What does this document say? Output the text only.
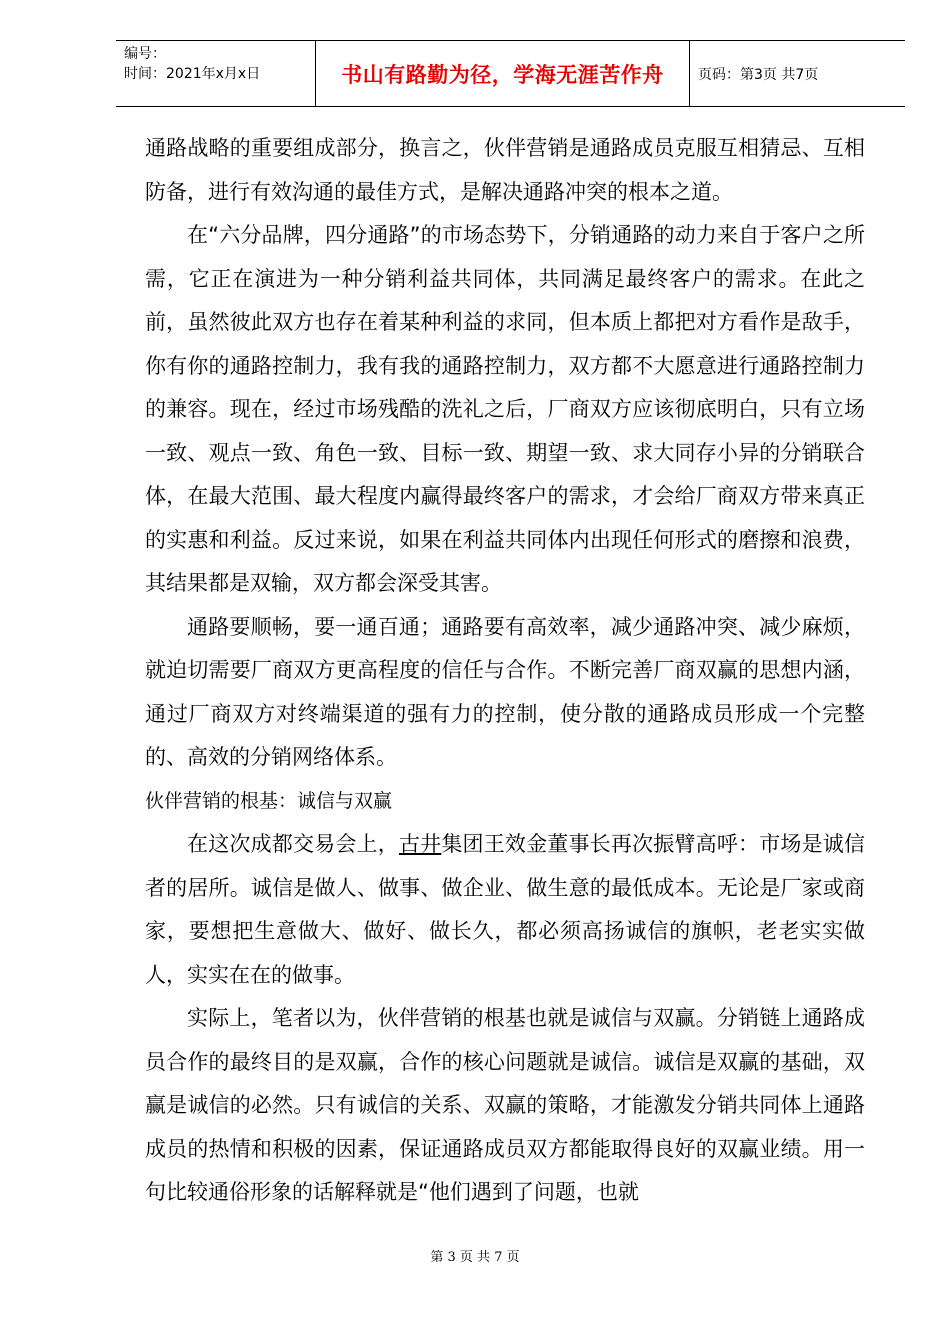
编号：
时间：2021年x月x日	书山有路勤为径，学海无涯苦作舟 页码：第3页 共7页

通路战略的重要组成部分，换言之，伙伴营销是通路成员克服互相猜忌、互相防备，进行有效沟通的最佳方式，是解决通路冲突的根本之道。

在“六分品牌，四分通路”的市场态势下，分销通路的动力来自于客户之所需，它正在演进为一种分销利益共同体，共同满足最终客户的需求。在此之前，虽然彼此双方也存在着某种利益的求同，但本质上都把对方看作是敌手，你有你的通路控制力，我有我的通路控制力，双方都不大愿意进行通路控制力的兼容。现在，经过市场残酷的洗礼之后，厂商双方应该彻底明白，只有立场一致、观点一致、角色一致、目标一致、期望一致、求大同存小异的分销联合体，在最大范围、最大程度内赢得最终客户的需求，才会给厂商双方带来真正的实惠和利益。反过来说，如果在利益共同体内出现任何形式的磨擦和浪费，其结果都是双输，双方都会深受其害。

通路要顺畅，要一通百通；通路要有高效率，减少通路冲突、减少麻烦，就迫切需要厂商双方更高程度的信任与合作。不断完善厂商双赢的思想内涵，通过厂商双方对终端渠道的强有力的控制，使分散的通路成员形成一个完整的、高效的分销网络体系。

伙伴营销的根基：诚信与双赢

在这次成都交易会上，古井集团王效金董事长再次振臂高呼：市场是诚信者的居所。诚信是做人、做事、做企业、做生意的最低成本。无论是厂家或商家，要想把生意做大、做好、做长久，都必须高扬诚信的旗帜，老老实实做人，实实在在的做事。

实际上，笔者以为，伙伴营销的根基也就是诚信与双赢。分销链上通路成员合作的最终目的是双赢，合作的核心问题就是诚信。诚信是双赢的基础，双赢是诚信的必然。只有诚信的关系、双赢的策略，才能激发分销共同体上通路成员的热情和积极的因素，保证通路成员双方都能取得良好的双赢业绩。用一句比较通俗形象的话解释就是“他们遇到了问题，也就

第 3 页 共 7 页
